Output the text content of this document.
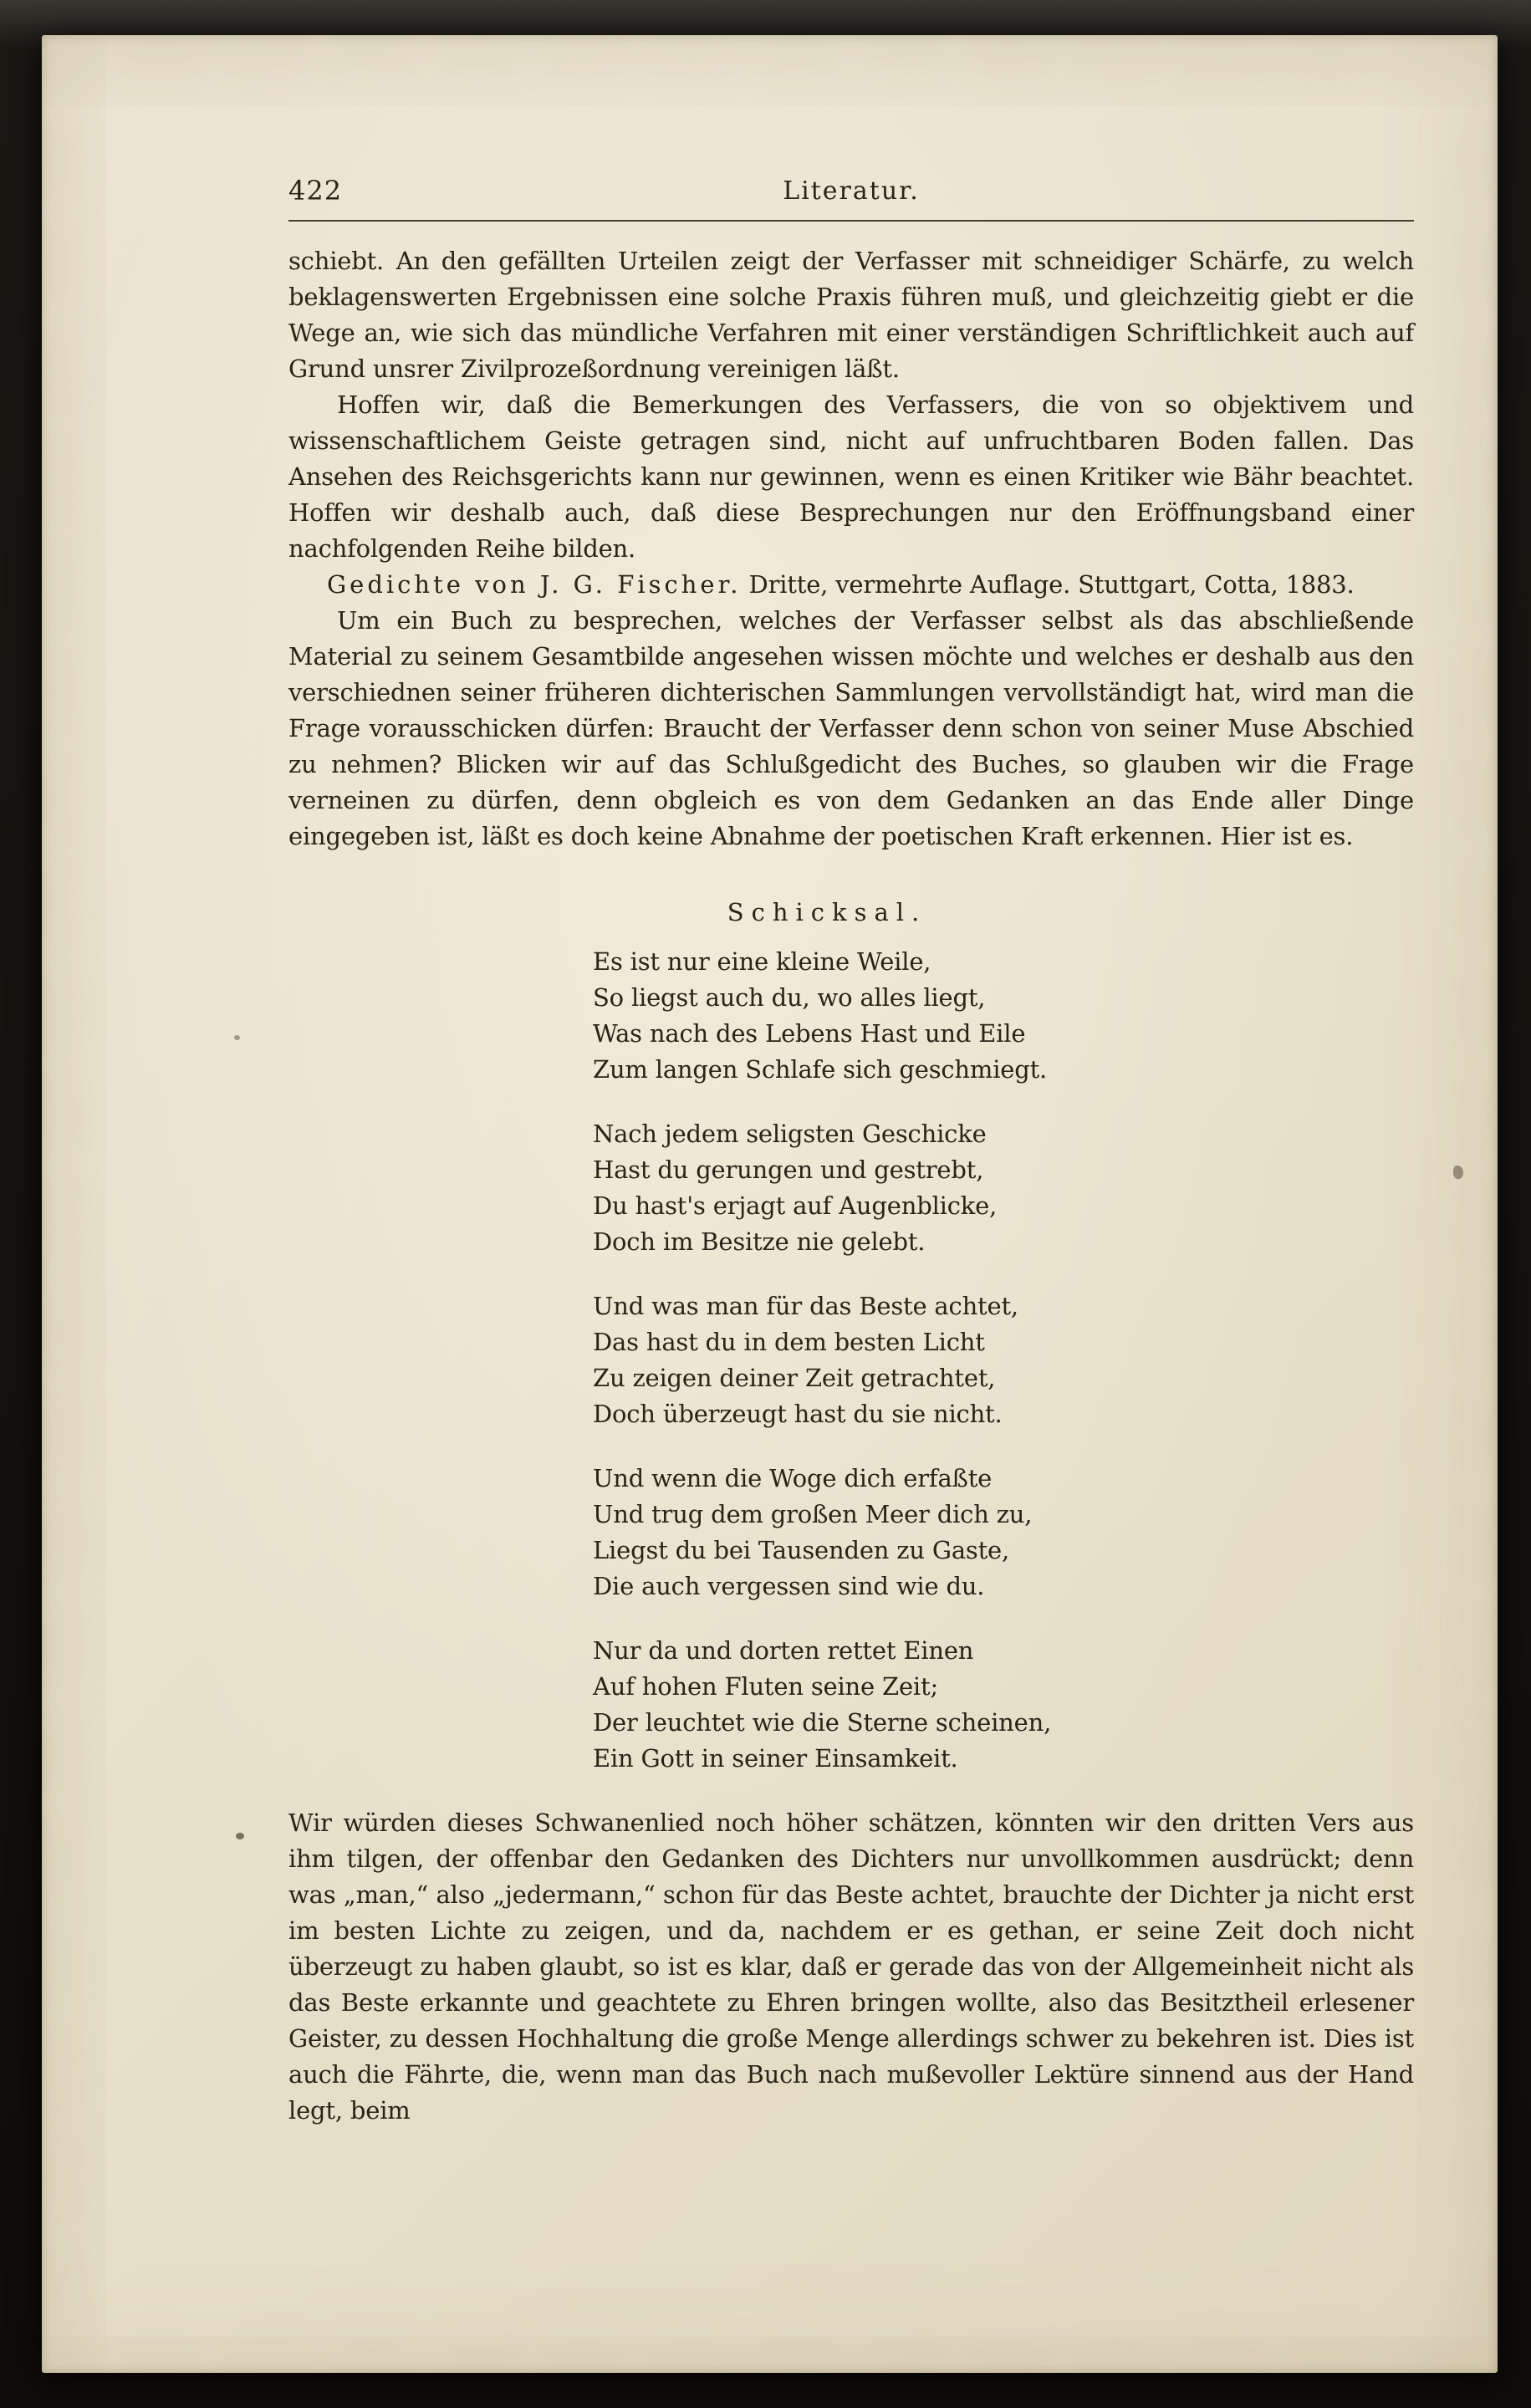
422	Literatur.

schiebt. An den gefällten Urteilen zeigt der Verfasser mit schneidiger Schärfe, zu welch beklagenswerten Ergebnissen eine solche Praxis führen muß, und gleichzeitig giebt er die Wege an, wie sich das mündliche Verfahren mit einer verständigen Schriftlichkeit auch auf Grund unsrer Zivilprozeßordnung vereinigen läßt.

Hoffen wir, daß die Bemerkungen des Verfassers, die von so objektivem und wissenschaftlichem Geiste getragen sind, nicht auf unfruchtbaren Boden fallen. Das Ansehen des Reichsgerichts kann nur gewinnen, wenn es einen Kritiker wie Bähr beachtet. Hoffen wir deshalb auch, daß diese Besprechungen nur den Eröffnungsband einer nachfolgenden Reihe bilden.

Gedichte von J. G. Fischer. Dritte, vermehrte Auflage. Stuttgart, Cotta, 1883.

Um ein Buch zu besprechen, welches der Verfasser selbst als das abschließende Material zu seinem Gesamtbilde angesehen wissen möchte und welches er deshalb aus den verschiednen seiner früheren dichterischen Sammlungen vervollständigt hat, wird man die Frage vorausschicken dürfen: Braucht der Verfasser denn schon von seiner Muse Abschied zu nehmen? Blicken wir auf das Schlußgedicht des Buches, so glauben wir die Frage verneinen zu dürfen, denn obgleich es von dem Gedanken an das Ende aller Dinge eingegeben ist, läßt es doch keine Abnahme der poetischen Kraft erkennen. Hier ist es.

Schicksal.
Es ist nur eine kleine Weile,
So liegst auch du, wo alles liegt,
Was nach des Lebens Hast und Eile
Zum langen Schlafe sich geschmiegt.
Nach jedem seligsten Geschicke
Hast du gerungen und gestrebt,
Du hast's erjagt auf Augenblicke,
Doch im Besitze nie gelebt.
Und was man für das Beste achtet,
Das hast du in dem besten Licht
Zu zeigen deiner Zeit getrachtet,
Doch überzeugt hast du sie nicht.
Und wenn die Woge dich erfaßte
Und trug dem großen Meer dich zu,
Liegst du bei Tausenden zu Gaste,
Die auch vergessen sind wie du.
Nur da und dorten rettet Einen
Auf hohen Fluten seine Zeit;
Der leuchtet wie die Sterne scheinen,
Ein Gott in seiner Einsamkeit.

Wir würden dieses Schwanenlied noch höher schätzen, könnten wir den dritten Vers aus ihm tilgen, der offenbar den Gedanken des Dichters nur unvollkommen ausdrückt; denn was „man,“ also „jedermann,“ schon für das Beste achtet, brauchte der Dichter ja nicht erst im besten Lichte zu zeigen, und da, nachdem er es gethan, er seine Zeit doch nicht überzeugt zu haben glaubt, so ist es klar, daß er gerade das von der Allgemeinheit nicht als das Beste erkannte und geachtete zu Ehren bringen wollte, also das Besitztheil erlesener Geister, zu dessen Hochhaltung die große Menge allerdings schwer zu bekehren ist. Dies ist auch die Fährte, die, wenn man das Buch nach mußevoller Lektüre sinnend aus der Hand legt, beim
